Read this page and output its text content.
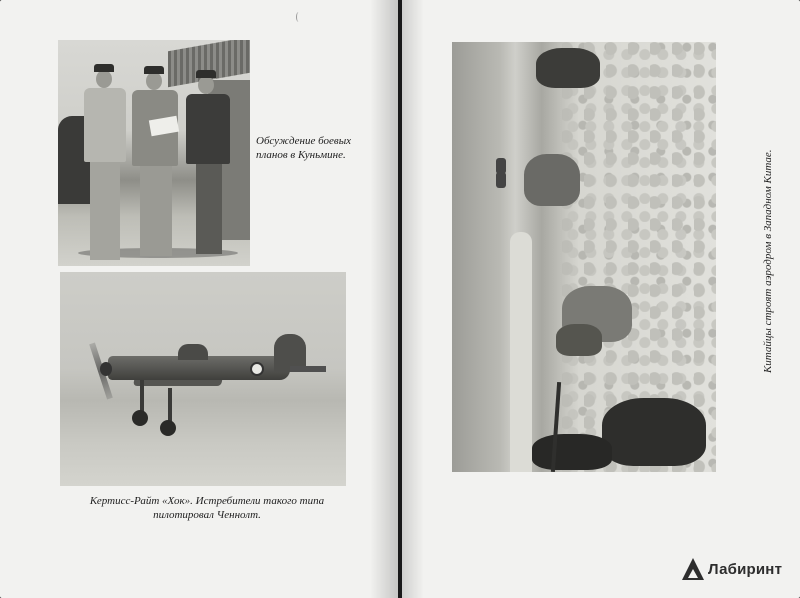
Обсуждение боевых
планов в Куньмине.
Кертисс-Райт «Хок». Истребители такого типа
пилотировал Ченнолт.
Китайцы строят аэродром в Западном Китае.
Лабиринт
